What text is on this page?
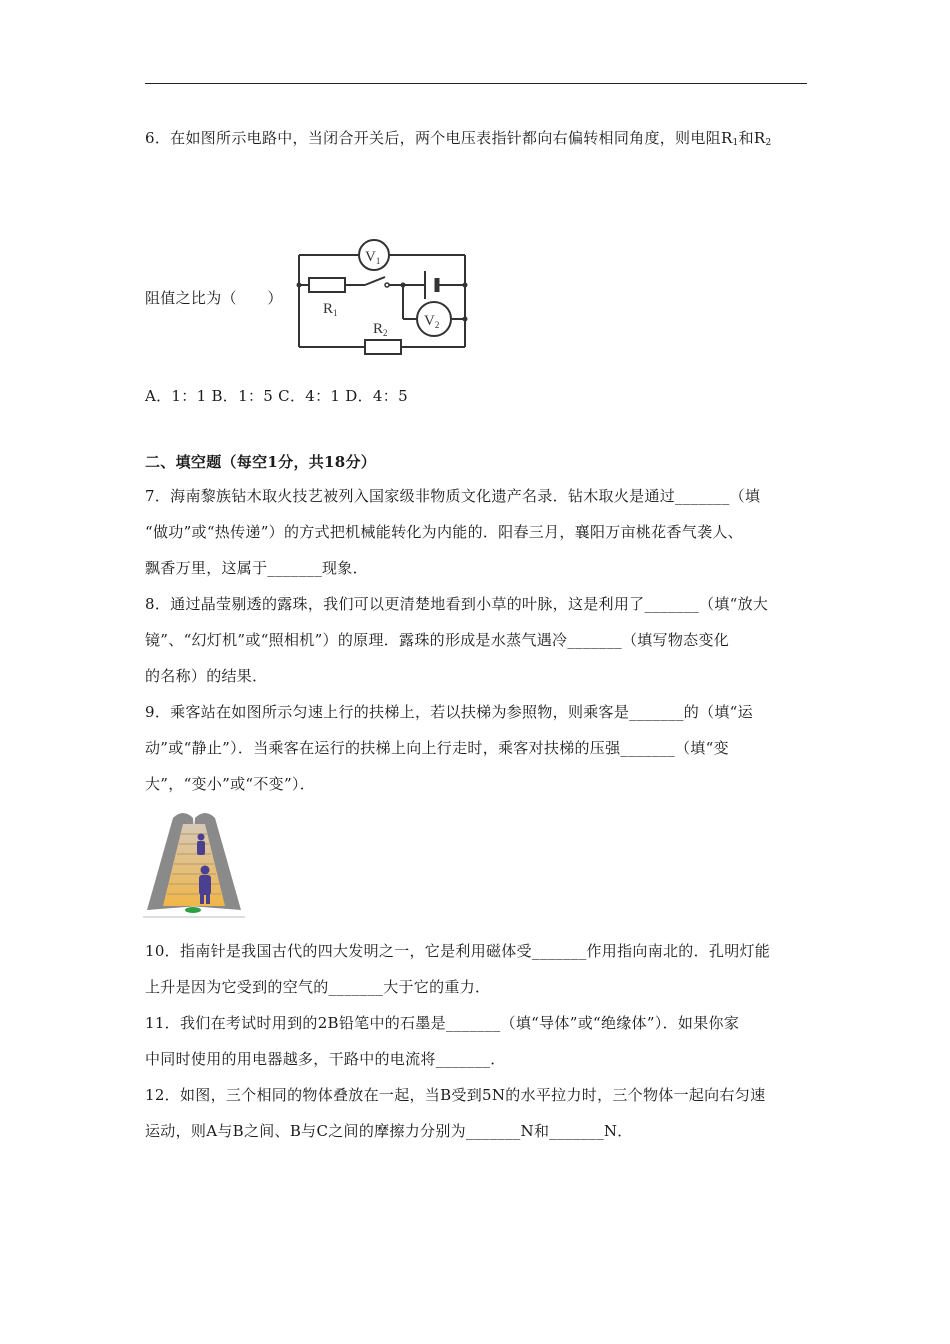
6．在如图所示电路中，当闭合开关后，两个电压表指针都向右偏转相同角度，则电阻$R_1$和$R_2$
阻值之比为（　　）
$V_1$
$V_2$
$R_1$
$R_2$
A．1：1 B．1：5 C．4：1 D．4：5
二、填空题（每空1分，共18分）
7．海南黎族钻木取火技艺被列入国家级非物质文化遗产名录．钻木取火是通过_______（填
“做功”或“热传递”）的方式把机械能转化为内能的．阳春三月，襄阳万亩桃花香气袭人、
飘香万里，这属于_______现象．
8．通过晶莹剔透的露珠，我们可以更清楚地看到小草的叶脉，这是利用了_______（填“放大
镜”、“幻灯机”或“照相机”）的原理．露珠的形成是水蒸气遇冷_______（填写物态变化
的名称）的结果．
9．乘客站在如图所示匀速上行的扶梯上，若以扶梯为参照物，则乘客是_______的（填“运
动”或“静止”）．当乘客在运行的扶梯上向上行走时，乘客对扶梯的压强_______（填“变
大”，“变小”或“不变”）．
10．指南针是我国古代的四大发明之一，它是利用磁体受_______作用指向南北的．孔明灯能
上升是因为它受到的空气的_______大于它的重力．
11．我们在考试时用到的2B铅笔中的石墨是_______（填“导体”或“绝缘体”）．如果你家
中同时使用的用电器越多，干路中的电流将_______．
12．如图，三个相同的物体叠放在一起，当B受到5N的水平拉力时，三个物体一起向右匀速
运动，则A与B之间、B与C之间的摩擦力分别为_______N和_______N．
